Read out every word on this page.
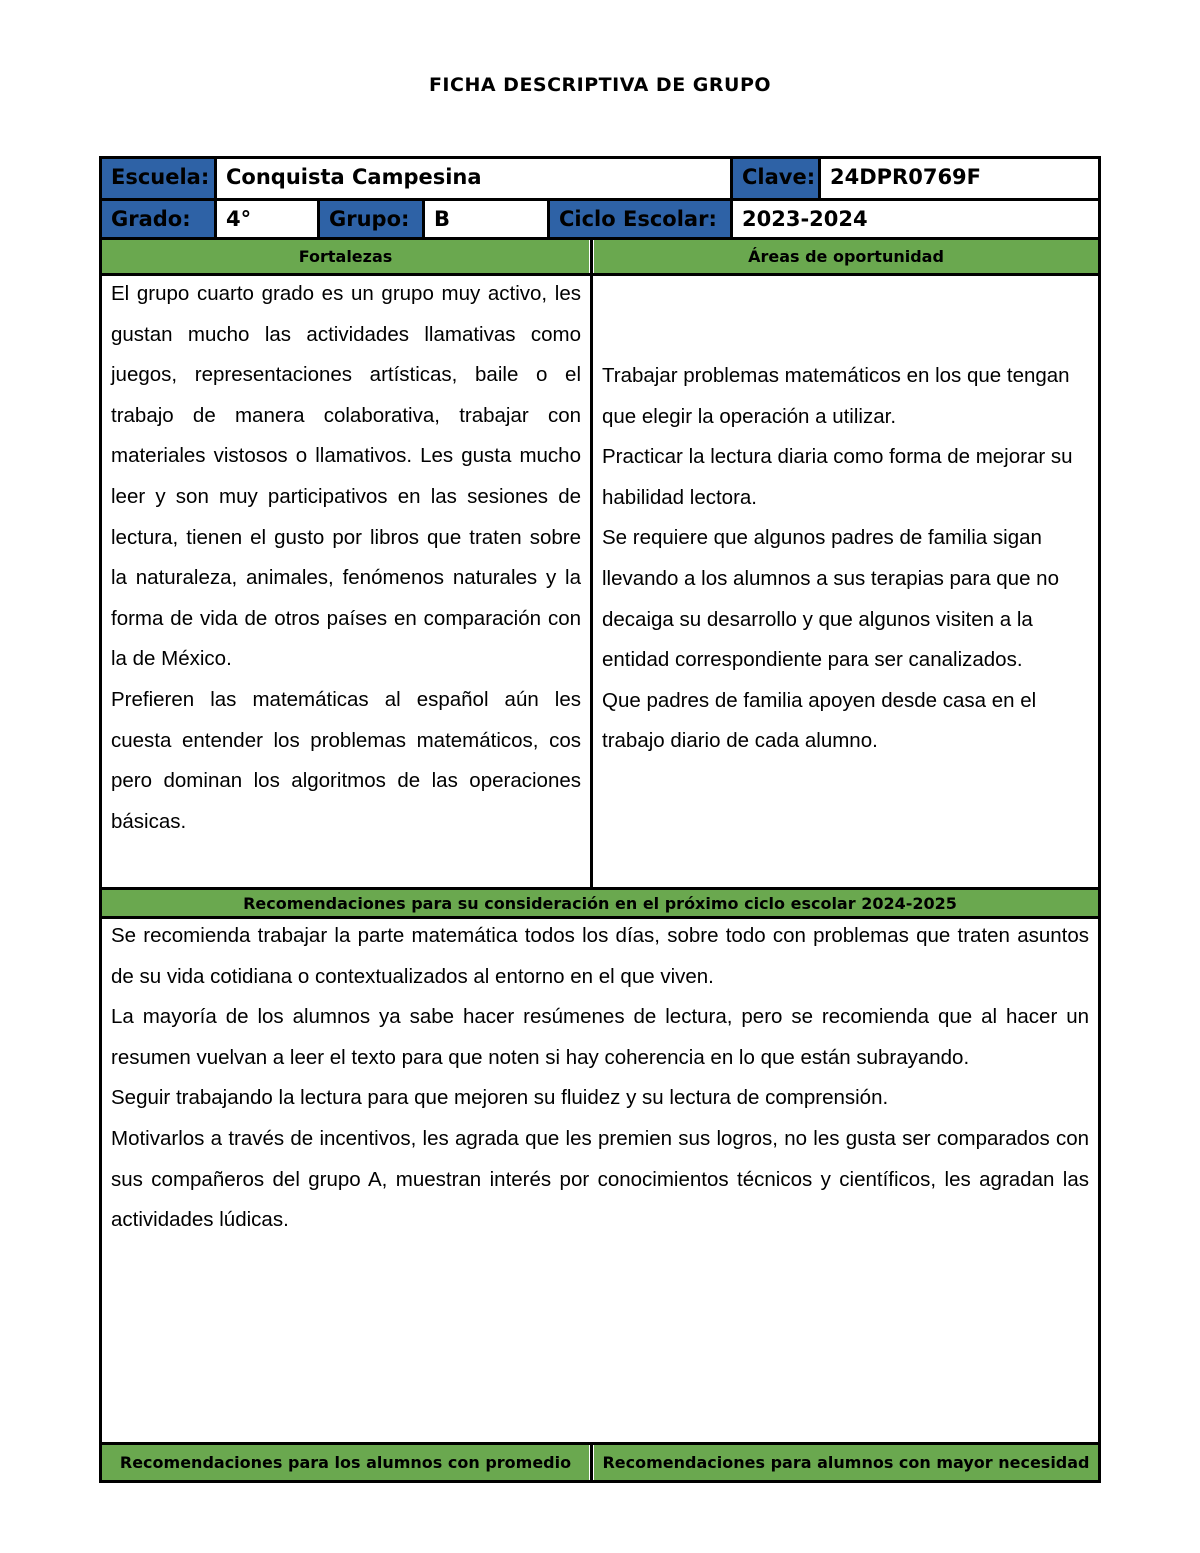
FICHA DESCRIPTIVA DE GRUPO
Escuela: Conquista Campesina	Clave: 24DPR0769F
Grado:	4°	Grupo:	B	Ciclo Escolar:	2023-2024
Fortalezas	Áreas de oportunidad

El grupo cuarto grado es un grupo muy activo, les gustan mucho las actividades llamativas como juegos, representaciones artísticas, baile o el trabajo de manera colaborativa, trabajar con materiales vistosos o llamativos. Les gusta mucho leer y son muy participativos en las sesiones de lectura, tienen el gusto por libros que traten sobre la naturaleza, animales, fenómenos naturales y la forma de vida de otros países en comparación con la de México.

Prefieren las matemáticas al español aún les cuesta entender los problemas matemáticos, cos pero dominan los algoritmos de las operaciones básicas.

Trabajar problemas matemáticos en los que tengan que elegir la operación a utilizar.

Practicar la lectura diaria como forma de mejorar su habilidad lectora.

Se requiere que algunos padres de familia sigan llevando a los alumnos a sus terapias para que no decaiga su desarrollo y que algunos visiten a la entidad correspondiente para ser canalizados.

Que padres de familia apoyen desde casa en el trabajo diario de cada alumno.

Recomendaciones para su consideración en el próximo ciclo escolar 2024-2025

Se recomienda trabajar la parte matemática todos los días, sobre todo con problemas que traten asuntos de su vida cotidiana o contextualizados al entorno en el que viven.

La mayoría de los alumnos ya sabe hacer resúmenes de lectura, pero se recomienda que al hacer un resumen vuelvan a leer el texto para que noten si hay coherencia en lo que están subrayando.

Seguir trabajando la lectura para que mejoren su fluidez y su lectura de comprensión.

Motivarlos a través de incentivos, les agrada que les premien sus logros, no les gusta ser comparados con sus compañeros del grupo A, muestran interés por conocimientos técnicos y científicos, les agradan las actividades lúdicas.

Recomendaciones para los alumnos con promedio	Recomendaciones para alumnos con mayor necesidad
